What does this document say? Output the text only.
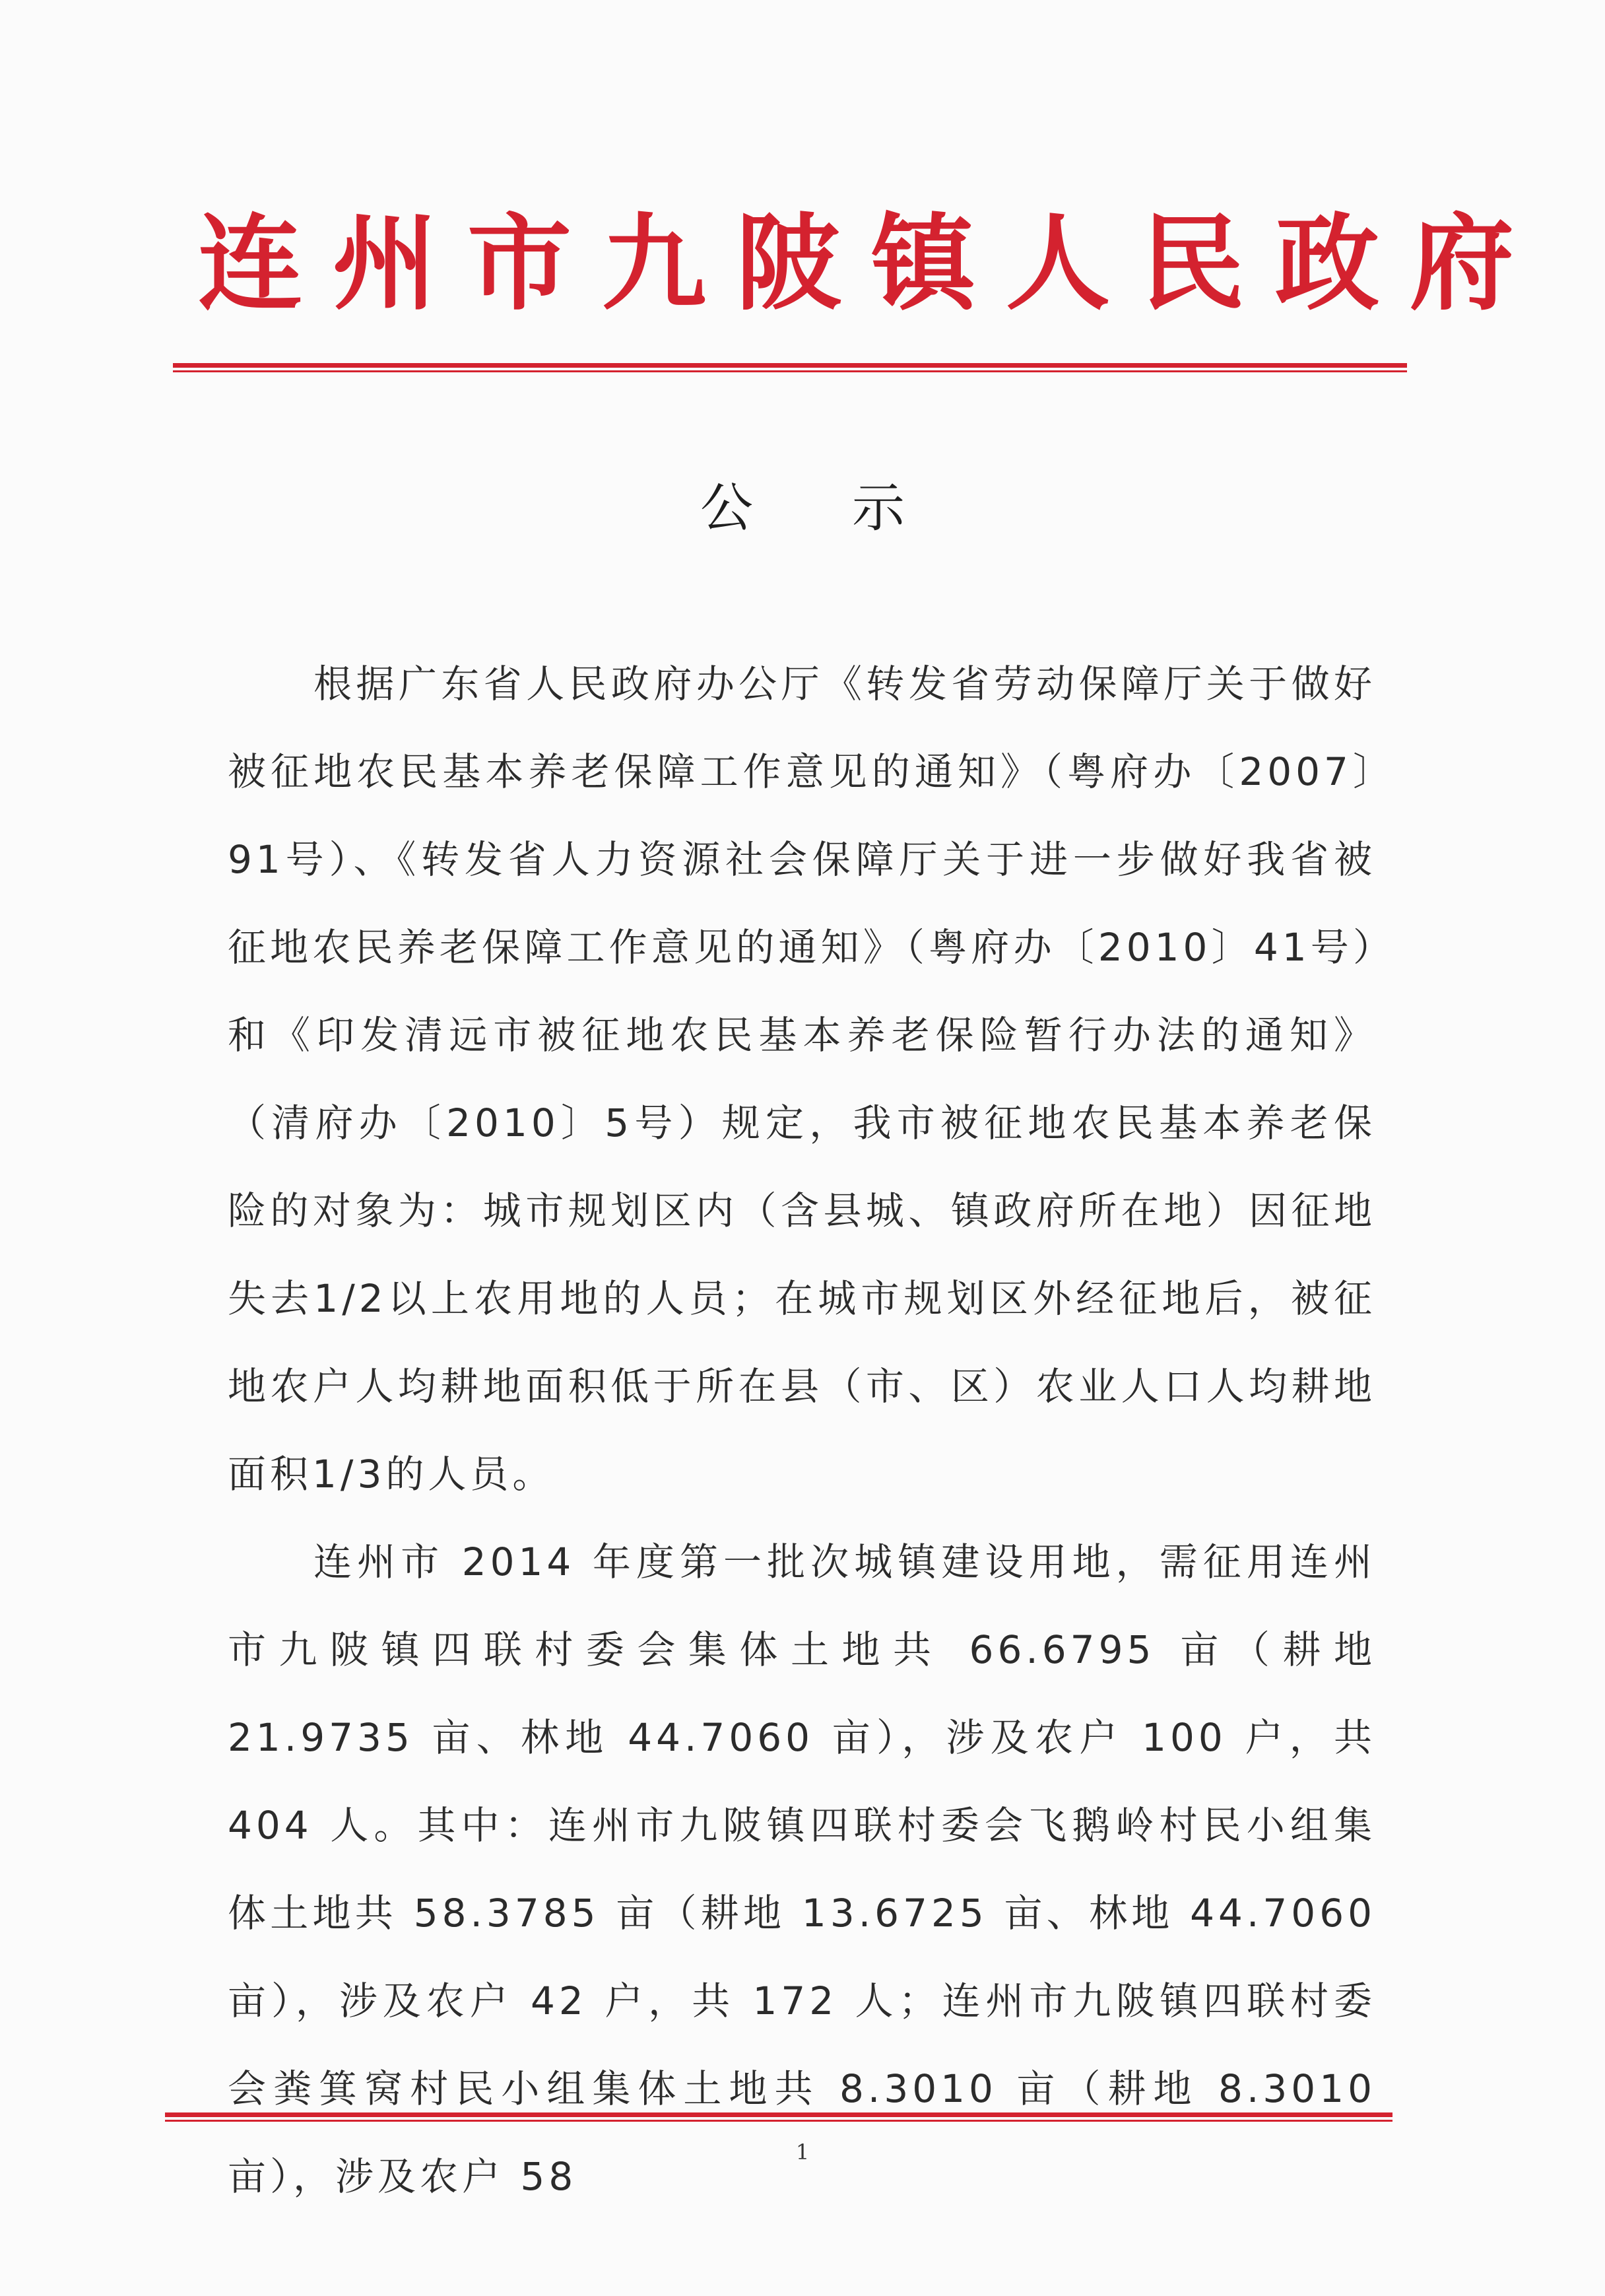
连州市九陂镇人民政府
公示

根据广东省人民政府办公厅《转发省劳动保障厅关于做好被征地农民基本养老保障工作意见的通知》（粤府办〔2007〕91号）、《转发省人力资源社会保障厅关于进一步做好我省被征地农民养老保障工作意见的通知》（粤府办〔2010〕41号）和《印发清远市被征地农民基本养老保险暂行办法的通知》（清府办〔2010〕5号）规定，我市被征地农民基本养老保险的对象为：城市规划区内（含县城、镇政府所在地）因征地失去1/2以上农用地的人员；在城市规划区外经征地后，被征地农户人均耕地面积低于所在县（市、区）农业人口人均耕地面积1/3的人员。

连州市 2014 年度第一批次城镇建设用地，需征用连州市九陂镇四联村委会集体土地共 66.6795 亩（耕地 21.9735 亩、林地 44.7060 亩），涉及农户 100 户，共 404 人。其中：连州市九陂镇四联村委会飞鹅岭村民小组集体土地共 58.3785 亩（耕地 13.6725 亩、林地 44.7060 亩），涉及农户 42 户，共 172 人；连州市九陂镇四联村委会粪箕窝村民小组集体土地共 8.3010 亩（耕地 8.3010 亩），涉及农户 58

1
